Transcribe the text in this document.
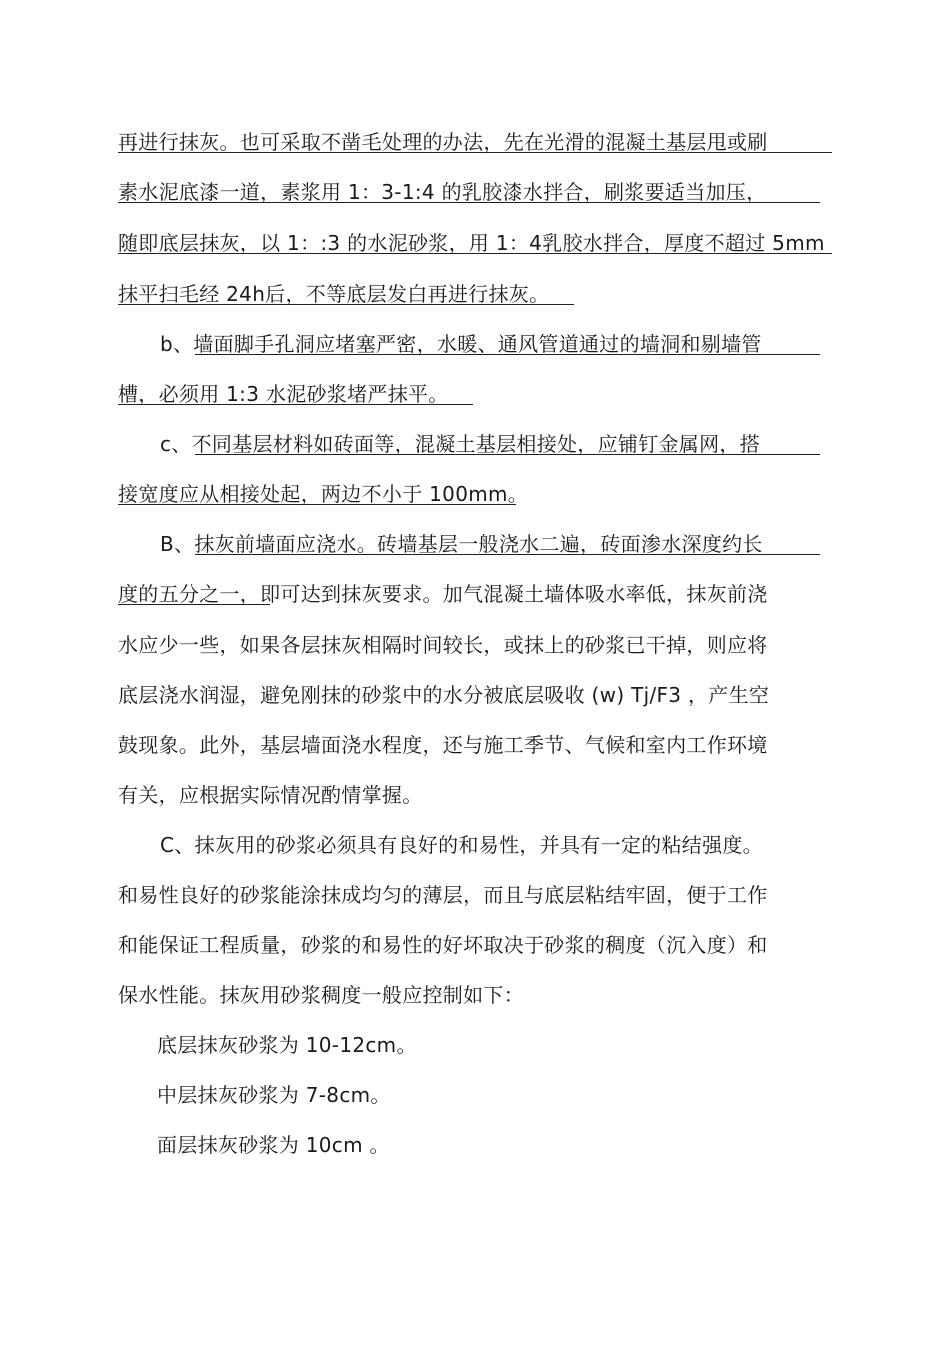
再进行抹灰。也可采取不凿毛处理的办法，先在光滑的混凝土基层甩或刷
素水泥底漆一道，素浆用 1：3-1:4 的乳胶漆水拌合，刷浆要适当加压，
随即底层抹灰，以 1：:3 的水泥砂浆，用 1：4乳胶水拌合，厚度不超过 5mm
抹平扫毛经 24h后，不等底层发白再进行抹灰。
b、墙面脚手孔洞应堵塞严密，水暖、通风管道通过的墙洞和剔墙管
槽，必须用 1:3 水泥砂浆堵严抹平。
c、不同基层材料如砖面等，混凝土基层相接处，应铺钉金属网，搭
接宽度应从相接处起，两边不小于 100mm。
B、抹灰前墙面应浇水。砖墙基层一般浇水二遍，砖面渗水深度约长
度的五分之一，即可达到抹灰要求。加气混凝土墙体吸水率低，抹灰前浇
水应少一些，如果各层抹灰相隔时间较长，或抹上的砂浆已干掉，则应将
底层浇水润湿，避免刚抹的砂浆中的水分被底层吸收 (w) Tj/F3 ，产生空
鼓现象。此外，基层墙面浇水程度，还与施工季节、气候和室内工作环境
有关，应根据实际情况酌情掌握。
C、抹灰用的砂浆必须具有良好的和易性，并具有一定的粘结强度。
和易性良好的砂浆能涂抹成均匀的薄层，而且与底层粘结牢固，便于工作
和能保证工程质量，砂浆的和易性的好坏取决于砂浆的稠度（沉入度）和
保水性能。抹灰用砂浆稠度一般应控制如下：
底层抹灰砂浆为 10-12cm。
中层抹灰砂浆为 7-8cm。
面层抹灰砂浆为 10cm 。
